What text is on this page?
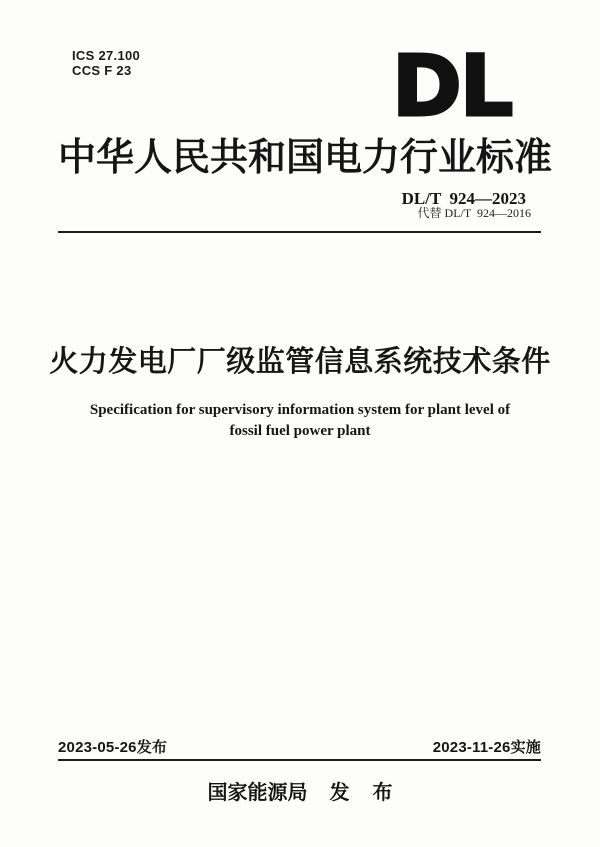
ICS 27.100
CCS F 23	DL
中华人民共和国电力行业标准
DL/T  924—2023
代替 DL/T  924—2016
火力发电厂厂级监管信息系统技术条件
Specification for supervisory information system for plant level of
fossil fuel power plant
2023-05-26发布	2023-11-26实施
国家能源局 发 布
